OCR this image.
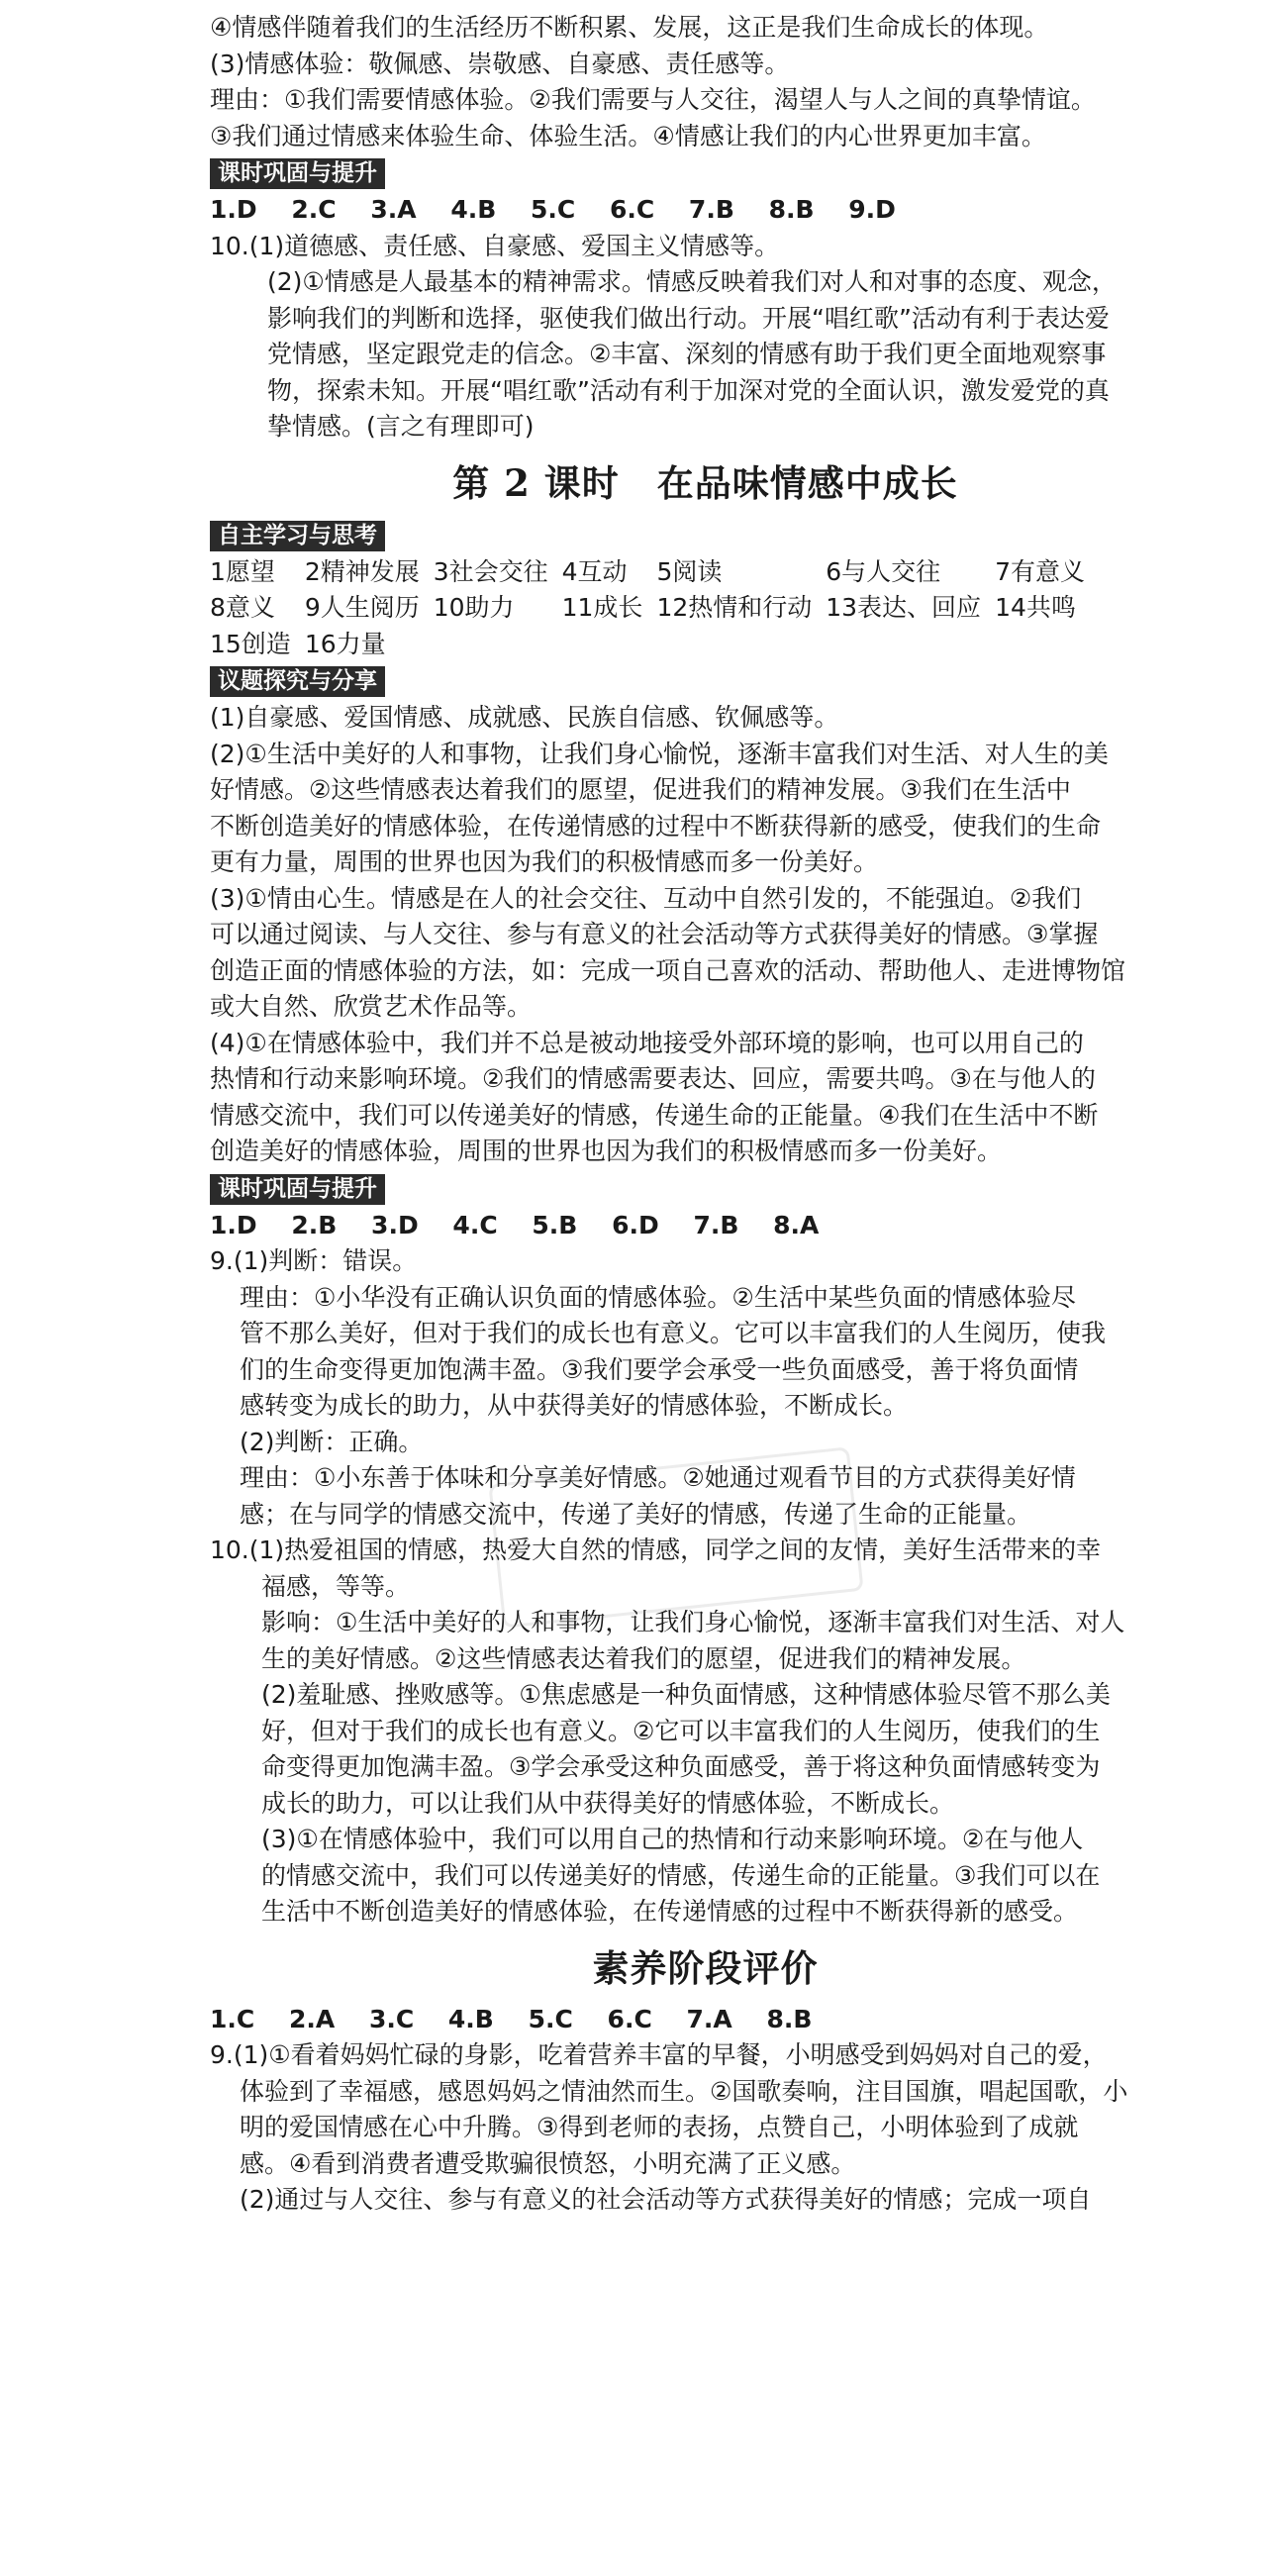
④情感伴随着我们的生活经历不断积累、发展，这正是我们生命成长的体现。

(3)情感体验：敬佩感、崇敬感、自豪感、责任感等。

理由：①我们需要情感体验。②我们需要与人交往，渴望人与人之间的真挚情谊。

③我们通过情感来体验生命、体验生活。④情感让我们的内心世界更加丰富。

课时巩固与提升

1.D 2.C 3.A 4.B 5.C 6.C 7.B 8.B 9.D

10.(1)道德感、责任感、自豪感、爱国主义情感等。

(2)①情感是人最基本的精神需求。情感反映着我们对人和对事的态度、观念，

影响我们的判断和选择，驱使我们做出行动。开展“唱红歌”活动有利于表达爱

党情感，坚定跟党走的信念。②丰富、深刻的情感有助于我们更全面地观察事

物，探索未知。开展“唱红歌”活动有利于加深对党的全面认识，激发爱党的真

挚情感。(言之有理即可)

第 2 课时　在品味情感中成长
自主学习与思考
1愿望	2精神发展 3社会交往 4互动	5阅读	6与人交往	7有意义
8意义	9人生阅历 10助力	11成长 12热情和行动 13表达、回应 14共鸣
15创造 16力量
议题探究与分享

(1)自豪感、爱国情感、成就感、民族自信感、钦佩感等。

(2)①生活中美好的人和事物，让我们身心愉悦，逐渐丰富我们对生活、对人生的美

好情感。②这些情感表达着我们的愿望，促进我们的精神发展。③我们在生活中

不断创造美好的情感体验，在传递情感的过程中不断获得新的感受，使我们的生命

更有力量，周围的世界也因为我们的积极情感而多一份美好。

(3)①情由心生。情感是在人的社会交往、互动中自然引发的，不能强迫。②我们

可以通过阅读、与人交往、参与有意义的社会活动等方式获得美好的情感。③掌握

创造正面的情感体验的方法，如：完成一项自己喜欢的活动、帮助他人、走进博物馆

或大自然、欣赏艺术作品等。

(4)①在情感体验中，我们并不总是被动地接受外部环境的影响，也可以用自己的

热情和行动来影响环境。②我们的情感需要表达、回应，需要共鸣。③在与他人的

情感交流中，我们可以传递美好的情感，传递生命的正能量。④我们在生活中不断

创造美好的情感体验，周围的世界也因为我们的积极情感而多一份美好。

课时巩固与提升

1.D 2.B 3.D 4.C 5.B 6.D 7.B 8.A

9.(1)判断：错误。

理由：①小华没有正确认识负面的情感体验。②生活中某些负面的情感体验尽

管不那么美好，但对于我们的成长也有意义。它可以丰富我们的人生阅历，使我

们的生命变得更加饱满丰盈。③我们要学会承受一些负面感受，善于将负面情

感转变为成长的助力，从中获得美好的情感体验，不断成长。

(2)判断：正确。

理由：①小东善于体味和分享美好情感。②她通过观看节目的方式获得美好情

感；在与同学的情感交流中，传递了美好的情感，传递了生命的正能量。

10.(1)热爱祖国的情感，热爱大自然的情感，同学之间的友情，美好生活带来的幸

福感，等等。

影响：①生活中美好的人和事物，让我们身心愉悦，逐渐丰富我们对生活、对人

生的美好情感。②这些情感表达着我们的愿望，促进我们的精神发展。

(2)羞耻感、挫败感等。①焦虑感是一种负面情感，这种情感体验尽管不那么美

好，但对于我们的成长也有意义。②它可以丰富我们的人生阅历，使我们的生

命变得更加饱满丰盈。③学会承受这种负面感受，善于将这种负面情感转变为

成长的助力，可以让我们从中获得美好的情感体验，不断成长。

(3)①在情感体验中，我们可以用自己的热情和行动来影响环境。②在与他人

的情感交流中，我们可以传递美好的情感，传递生命的正能量。③我们可以在

生活中不断创造美好的情感体验，在传递情感的过程中不断获得新的感受。

素养阶段评价

1.C 2.A 3.C 4.B 5.C 6.C 7.A 8.B

9.(1)①看着妈妈忙碌的身影，吃着营养丰富的早餐，小明感受到妈妈对自己的爱，

体验到了幸福感，感恩妈妈之情油然而生。②国歌奏响，注目国旗，唱起国歌，小

明的爱国情感在心中升腾。③得到老师的表扬，点赞自己，小明体验到了成就

感。④看到消费者遭受欺骗很愤怒，小明充满了正义感。

(2)通过与人交往、参与有意义的社会活动等方式获得美好的情感；完成一项自
